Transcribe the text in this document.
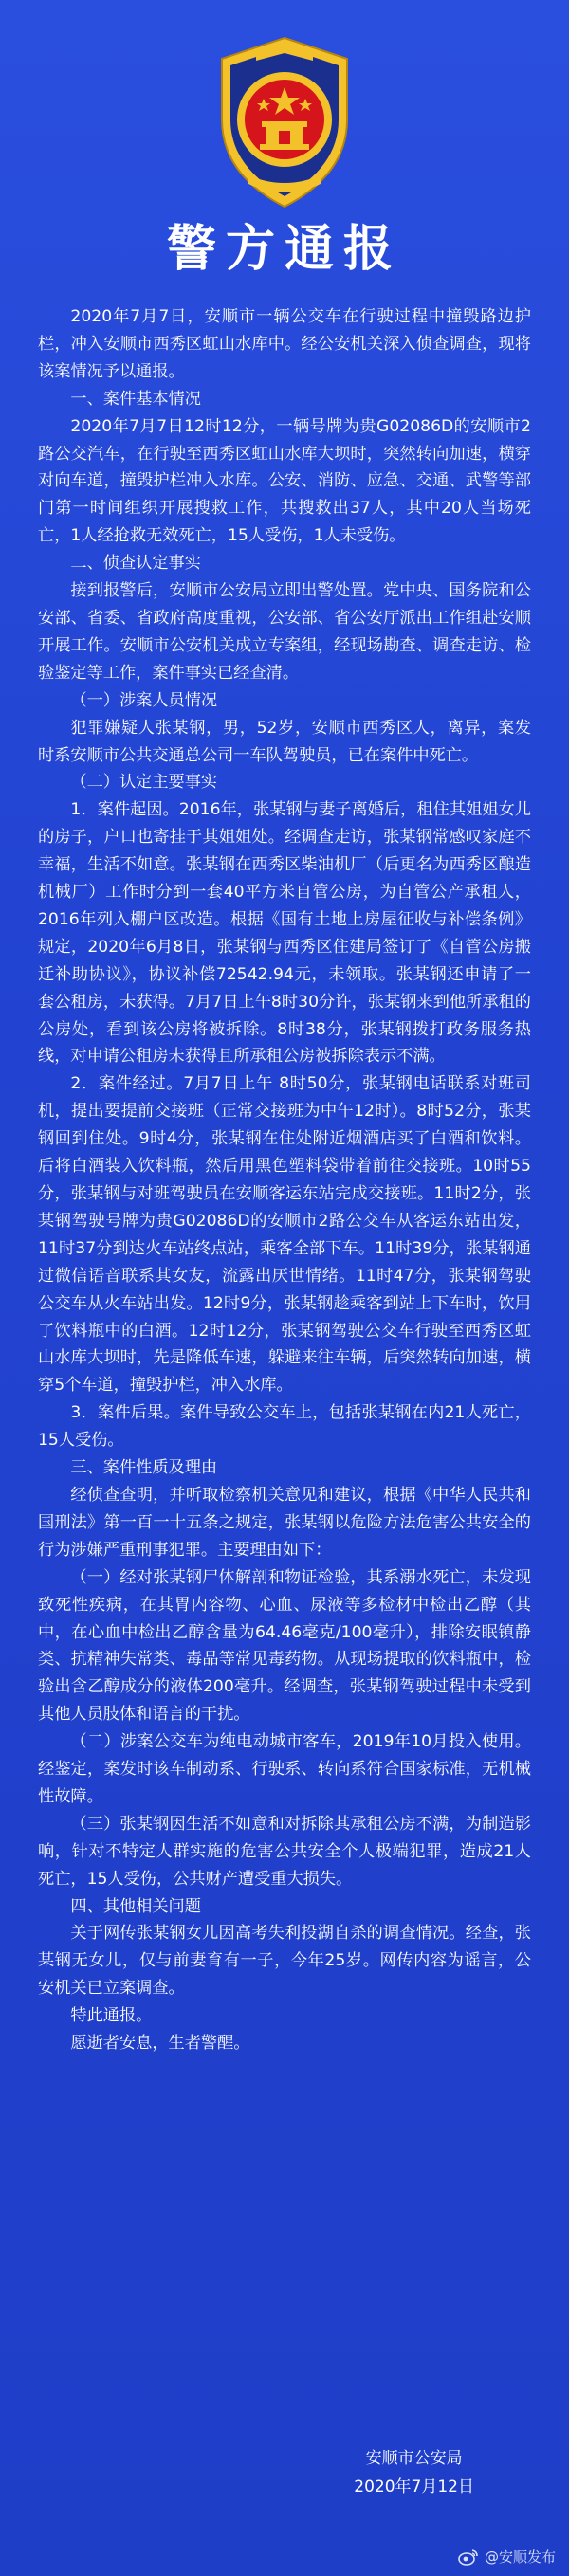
警方通报

2020年7月7日，安顺市一辆公交车在行驶过程中撞毁路边护栏，冲入安顺市西秀区虹山水库中。经公安机关深入侦查调查，现将该案情况予以通报。

一、案件基本情况

2020年7月7日12时12分，一辆号牌为贵G02086D的安顺市2路公交汽车，在行驶至西秀区虹山水库大坝时，突然转向加速，横穿对向车道，撞毁护栏冲入水库。公安、消防、应急、交通、武警等部门第一时间组织开展搜救工作，共搜救出37人，其中20人当场死亡，1人经抢救无效死亡，15人受伤，1人未受伤。

二、侦查认定事实

接到报警后，安顺市公安局立即出警处置。党中央、国务院和公安部、省委、省政府高度重视，公安部、省公安厅派出工作组赴安顺开展工作。安顺市公安机关成立专案组，经现场勘查、调查走访、检验鉴定等工作，案件事实已经查清。

（一）涉案人员情况

犯罪嫌疑人张某钢，男，52岁，安顺市西秀区人，离异，案发时系安顺市公共交通总公司一车队驾驶员，已在案件中死亡。

（二）认定主要事实

1．案件起因。2016年，张某钢与妻子离婚后，租住其姐姐女儿的房子，户口也寄挂于其姐姐处。经调查走访，张某钢常感叹家庭不幸福，生活不如意。张某钢在西秀区柴油机厂（后更名为西秀区酿造机械厂）工作时分到一套40平方米自管公房，为自管公产承租人，2016年列入棚户区改造。根据《国有土地上房屋征收与补偿条例》规定，2020年6月8日，张某钢与西秀区住建局签订了《自管公房搬迁补助协议》，协议补偿72542.94元，未领取。张某钢还申请了一套公租房，未获得。7月7日上午8时30分许，张某钢来到他所承租的公房处，看到该公房将被拆除。8时38分，张某钢拨打政务服务热线，对申请公租房未获得且所承租公房被拆除表示不满。

2．案件经过。7月7日上午 8时50分，张某钢电话联系对班司机，提出要提前交接班（正常交接班为中午12时）。8时52分，张某钢回到住处。9时4分，张某钢在住处附近烟酒店买了白酒和饮料。后将白酒装入饮料瓶，然后用黑色塑料袋带着前往交接班。10时55分，张某钢与对班驾驶员在安顺客运东站完成交接班。11时2分，张某钢驾驶号牌为贵G02086D的安顺市2路公交车从客运东站出发，11时37分到达火车站终点站，乘客全部下车。11时39分，张某钢通过微信语音联系其女友，流露出厌世情绪。11时47分，张某钢驾驶公交车从火车站出发。12时9分，张某钢趁乘客到站上下车时，饮用了饮料瓶中的白酒。12时12分，张某钢驾驶公交车行驶至西秀区虹山水库大坝时，先是降低车速，躲避来往车辆，后突然转向加速，横穿5个车道，撞毁护栏，冲入水库。

3．案件后果。案件导致公交车上，包括张某钢在内21人死亡，15人受伤。

三、案件性质及理由

经侦查查明，并听取检察机关意见和建议，根据《中华人民共和国刑法》第一百一十五条之规定，张某钢以危险方法危害公共安全的行为涉嫌严重刑事犯罪。主要理由如下：

（一）经对张某钢尸体解剖和物证检验，其系溺水死亡，未发现致死性疾病，在其胃内容物、心血、尿液等多检材中检出乙醇（其中，在心血中检出乙醇含量为64.46毫克/100毫升），排除安眠镇静类、抗精神失常类、毒品等常见毒药物。从现场提取的饮料瓶中，检验出含乙醇成分的液体200毫升。经调查，张某钢驾驶过程中未受到其他人员肢体和语言的干扰。

（二）涉案公交车为纯电动城市客车，2019年10月投入使用。经鉴定，案发时该车制动系、行驶系、转向系符合国家标准，无机械性故障。

（三）张某钢因生活不如意和对拆除其承租公房不满，为制造影响，针对不特定人群实施的危害公共安全个人极端犯罪，造成21人死亡，15人受伤，公共财产遭受重大损失。

四、其他相关问题

关于网传张某钢女儿因高考失利投湖自杀的调查情况。经查，张某钢无女儿，仅与前妻育有一子，今年25岁。网传内容为谣言，公安机关已立案调查。

特此通报。

愿逝者安息，生者警醒。

安顺市公安局
2020年7月12日
@安顺发布
